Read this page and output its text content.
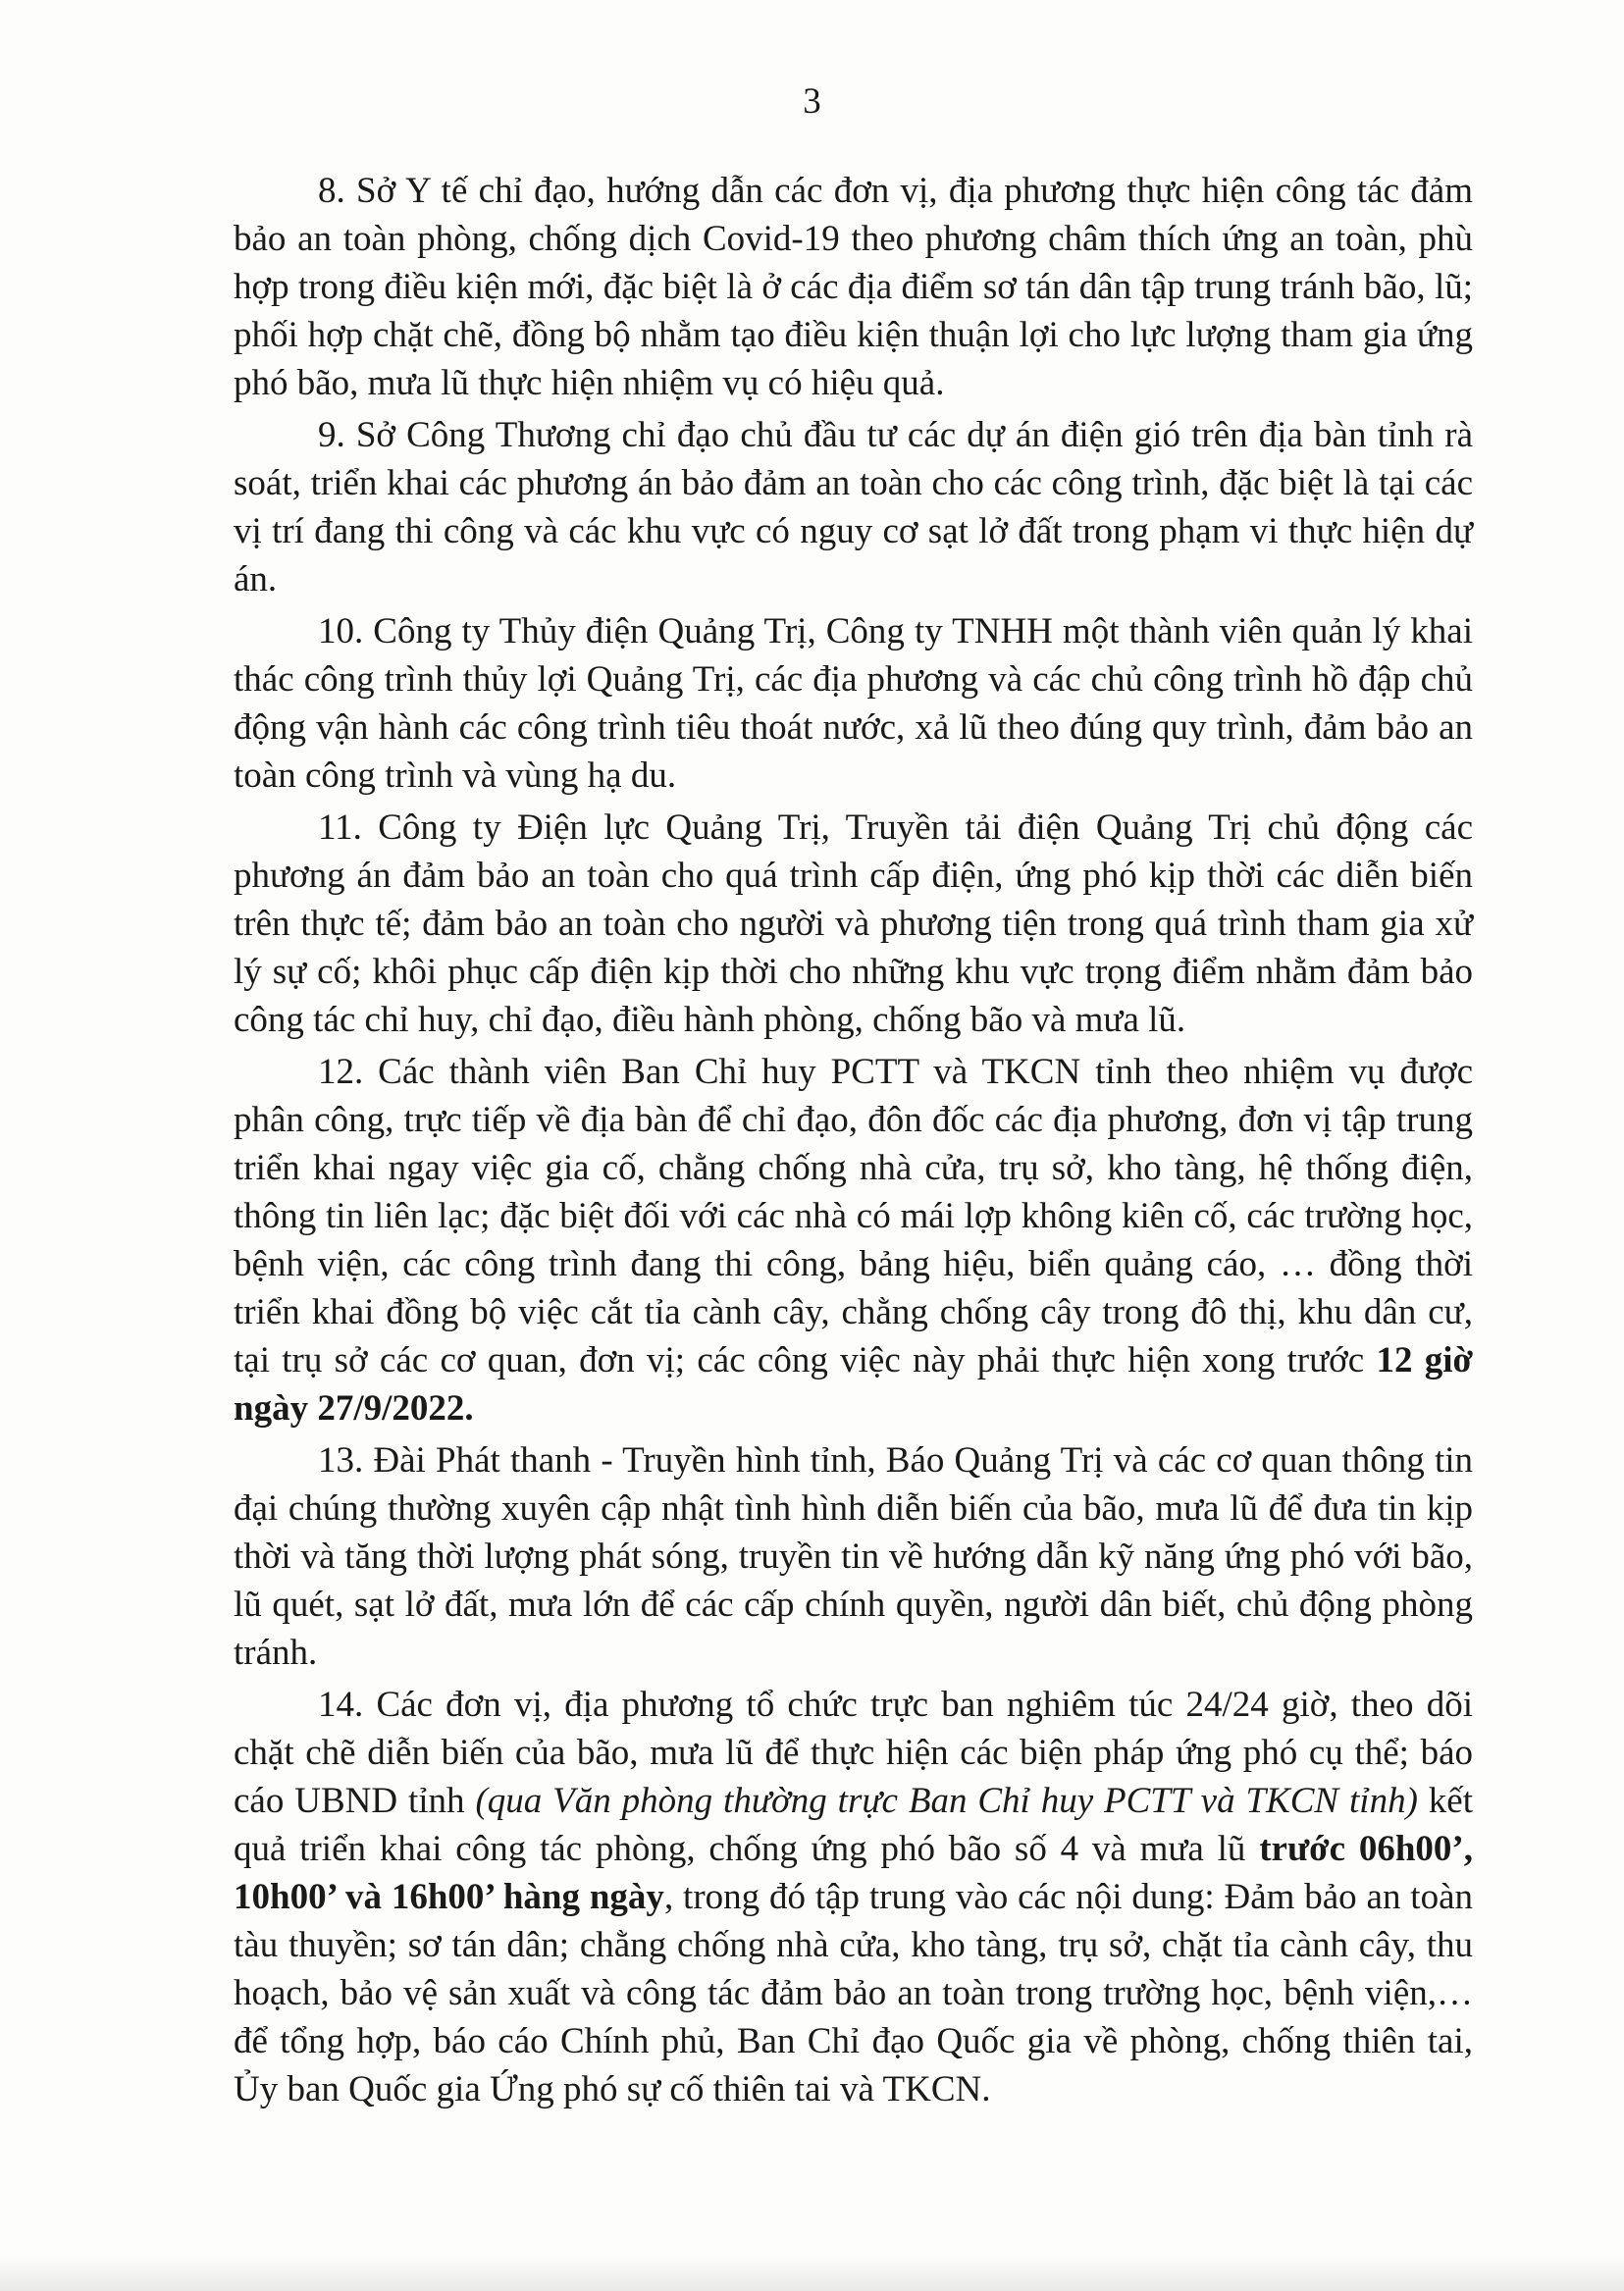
3

8. Sở Y tế chỉ đạo, hướng dẫn các đơn vị, địa phương thực hiện công tác đảm bảo an toàn phòng, chống dịch Covid-19 theo phương châm thích ứng an toàn, phù hợp trong điều kiện mới, đặc biệt là ở các địa điểm sơ tán dân tập trung tránh bão, lũ; phối hợp chặt chẽ, đồng bộ nhằm tạo điều kiện thuận lợi cho lực lượng tham gia ứng phó bão, mưa lũ thực hiện nhiệm vụ có hiệu quả.

9. Sở Công Thương chỉ đạo chủ đầu tư các dự án điện gió trên địa bàn tỉnh rà soát, triển khai các phương án bảo đảm an toàn cho các công trình, đặc biệt là tại các vị trí đang thi công và các khu vực có nguy cơ sạt lở đất trong phạm vi thực hiện dự án.

10. Công ty Thủy điện Quảng Trị, Công ty TNHH một thành viên quản lý khai thác công trình thủy lợi Quảng Trị, các địa phương và các chủ công trình hồ đập chủ động vận hành các công trình tiêu thoát nước, xả lũ theo đúng quy trình, đảm bảo an toàn công trình và vùng hạ du.

11. Công ty Điện lực Quảng Trị, Truyền tải điện Quảng Trị chủ động các phương án đảm bảo an toàn cho quá trình cấp điện, ứng phó kịp thời các diễn biến trên thực tế; đảm bảo an toàn cho người và phương tiện trong quá trình tham gia xử lý sự cố; khôi phục cấp điện kịp thời cho những khu vực trọng điểm nhằm đảm bảo công tác chỉ huy, chỉ đạo, điều hành phòng, chống bão và mưa lũ.

12. Các thành viên Ban Chỉ huy PCTT và TKCN tỉnh theo nhiệm vụ được phân công, trực tiếp về địa bàn để chỉ đạo, đôn đốc các địa phương, đơn vị tập trung triển khai ngay việc gia cố, chằng chống nhà cửa, trụ sở, kho tàng, hệ thống điện, thông tin liên lạc; đặc biệt đối với các nhà có mái lợp không kiên cố, các trường học, bệnh viện, các công trình đang thi công, bảng hiệu, biển quảng cáo, … đồng thời triển khai đồng bộ việc cắt tỉa cành cây, chằng chống cây trong đô thị, khu dân cư, tại trụ sở các cơ quan, đơn vị; các công việc này phải thực hiện xong trước 12 giờ ngày 27/9/2022.

13. Đài Phát thanh - Truyền hình tỉnh, Báo Quảng Trị và các cơ quan thông tin đại chúng thường xuyên cập nhật tình hình diễn biến của bão, mưa lũ để đưa tin kịp thời và tăng thời lượng phát sóng, truyền tin về hướng dẫn kỹ năng ứng phó với bão, lũ quét, sạt lở đất, mưa lớn để các cấp chính quyền, người dân biết, chủ động phòng tránh.

14. Các đơn vị, địa phương tổ chức trực ban nghiêm túc 24/24 giờ, theo dõi chặt chẽ diễn biến của bão, mưa lũ để thực hiện các biện pháp ứng phó cụ thể; báo cáo UBND tỉnh (qua Văn phòng thường trực Ban Chỉ huy PCTT và TKCN tỉnh) kết quả triển khai công tác phòng, chống ứng phó bão số 4 và mưa lũ trước 06h00’, 10h00’ và 16h00’ hàng ngày, trong đó tập trung vào các nội dung: Đảm bảo an toàn tàu thuyền; sơ tán dân; chằng chống nhà cửa, kho tàng, trụ sở, chặt tỉa cành cây, thu hoạch, bảo vệ sản xuất và công tác đảm bảo an toàn trong trường học, bệnh viện,… để tổng hợp, báo cáo Chính phủ, Ban Chỉ đạo Quốc gia về phòng, chống thiên tai, Ủy ban Quốc gia Ứng phó sự cố thiên tai và TKCN.
